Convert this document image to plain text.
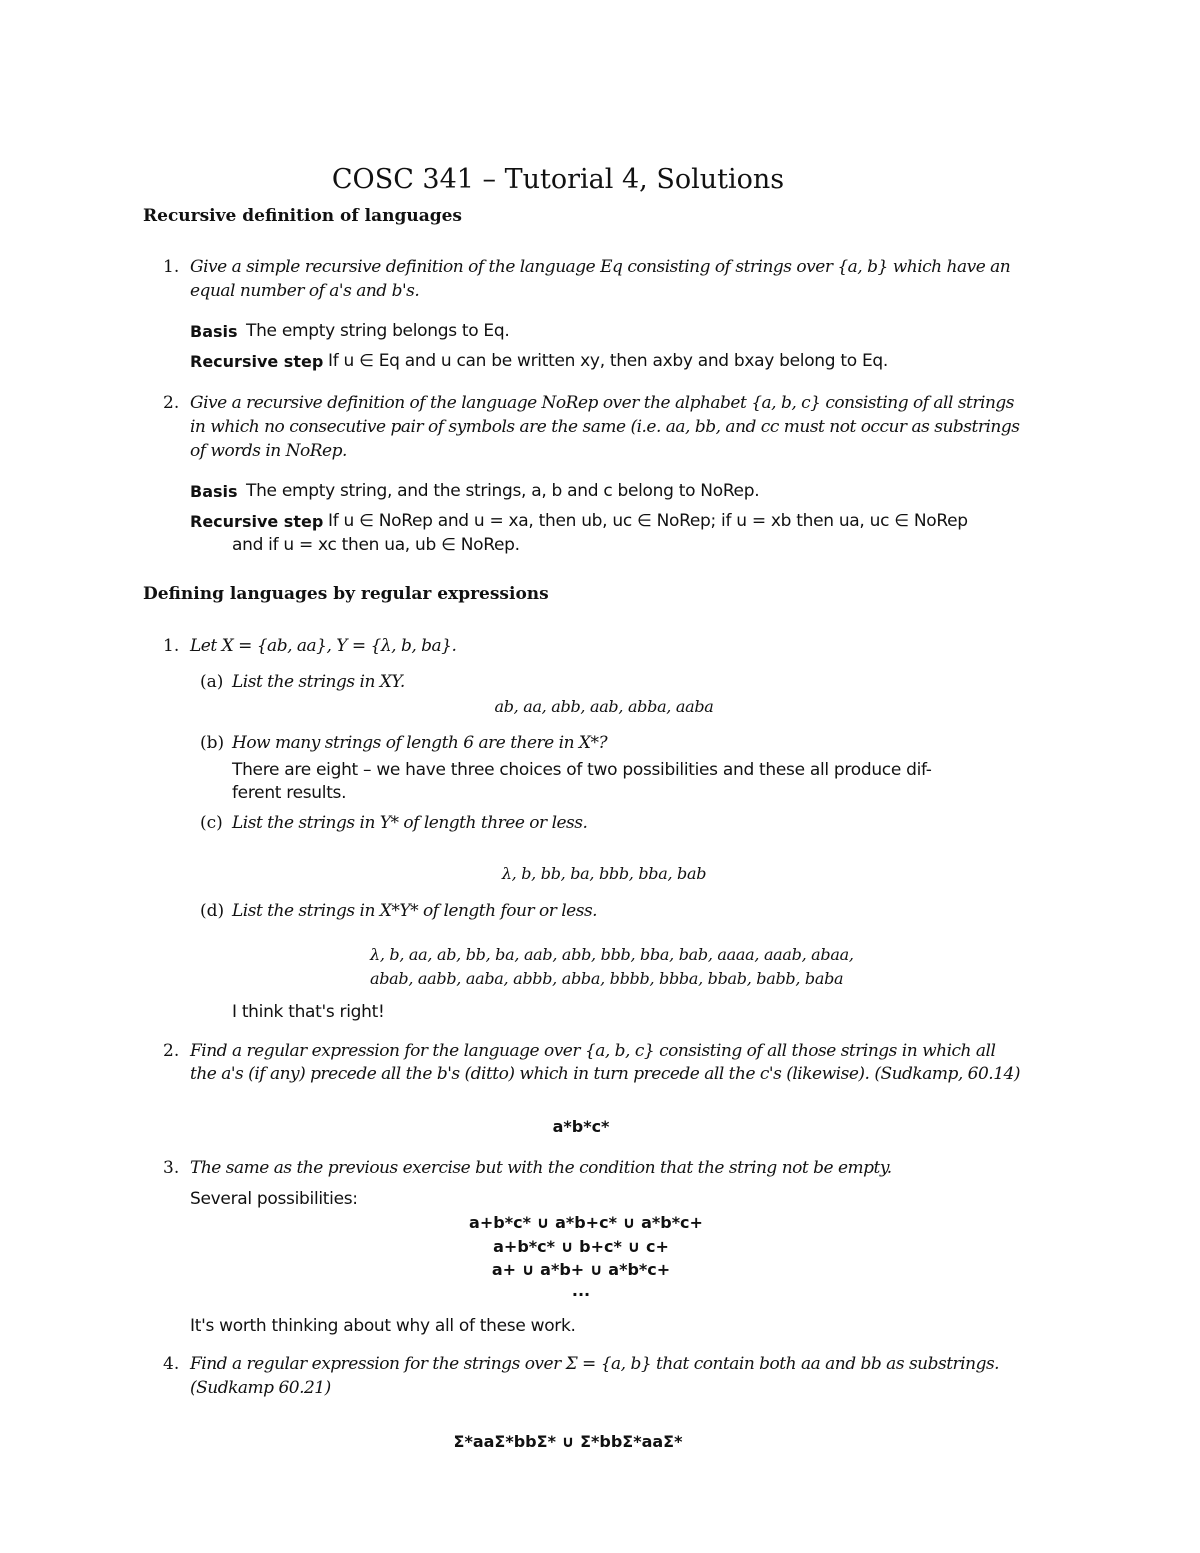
COSC 341 – Tutorial 4, Solutions
Recursive definition of languages
1. Give a simple recursive definition of the language Eq consisting of strings over {a, b} which have an
equal number of a's and b's.
Basis The empty string belongs to Eq.
Recursive step If u ∈ Eq and u can be written xy, then axby and bxay belong to Eq.
2. Give a recursive definition of the language NoRep over the alphabet {a, b, c} consisting of all strings
in which no consecutive pair of symbols are the same (i.e. aa, bb, and cc must not occur as substrings
of words in NoRep.
Basis The empty string, and the strings, a, b and c belong to NoRep.
Recursive step If u ∈ NoRep and u = xa, then ub, uc ∈ NoRep; if u = xb then ua, uc ∈ NoRep
and if u = xc then ua, ub ∈ NoRep.
Defining languages by regular expressions
1. Let X = {ab, aa}, Y = {λ, b, ba}.
(a) List the strings in XY.
ab, aa, abb, aab, abba, aaba
(b) How many strings of length 6 are there in X*?
There are eight – we have three choices of two possibilities and these all produce dif-
ferent results.
(c) List the strings in Y* of length three or less.
λ, b, bb, ba, bbb, bba, bab
(d) List the strings in X*Y* of length four or less.
λ, b, aa, ab, bb, ba, aab, abb, bbb, bba, bab, aaaa, aaab, abaa,
abab, aabb, aaba, abbb, abba, bbbb, bbba, bbab, babb, baba
I think that's right!
2. Find a regular expression for the language over {a, b, c} consisting of all those strings in which all
the a's (if any) precede all the b's (ditto) which in turn precede all the c's (likewise). (Sudkamp, 60.14)
a*b*c*
3. The same as the previous exercise but with the condition that the string not be empty.
Several possibilities:
a+b*c* ∪ a*b+c* ∪ a*b*c+
a+b*c* ∪ b+c* ∪ c+
a+ ∪ a*b+ ∪ a*b*c+
···
It's worth thinking about why all of these work.
4. Find a regular expression for the strings over Σ = {a, b} that contain both aa and bb as substrings.
(Sudkamp 60.21)
Σ*aaΣ*bbΣ* ∪ Σ*bbΣ*aaΣ*
